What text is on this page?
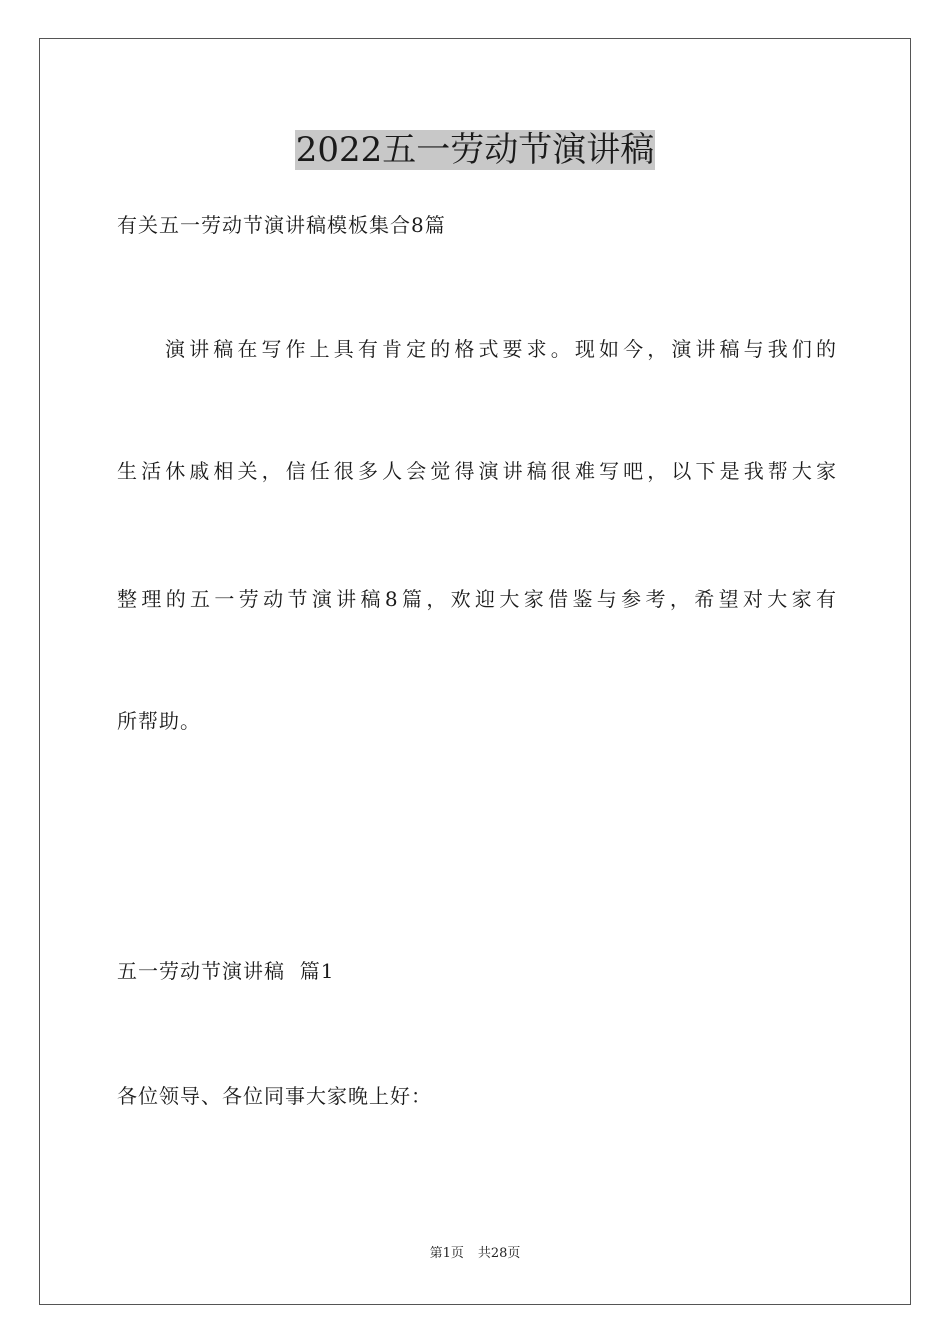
2022五一劳动节演讲稿
有关五一劳动节演讲稿模板集合8篇
演讲稿在写作上具有肯定的格式要求。现如今，演讲稿与我们的
生活休戚相关，信任很多人会觉得演讲稿很难写吧，以下是我帮大家
整理的五一劳动节演讲稿8篇，欢迎大家借鉴与参考，希望对大家有
所帮助。
五一劳动节演讲稿  篇1
各位领导、各位同事大家晚上好：
第1页 共28页
